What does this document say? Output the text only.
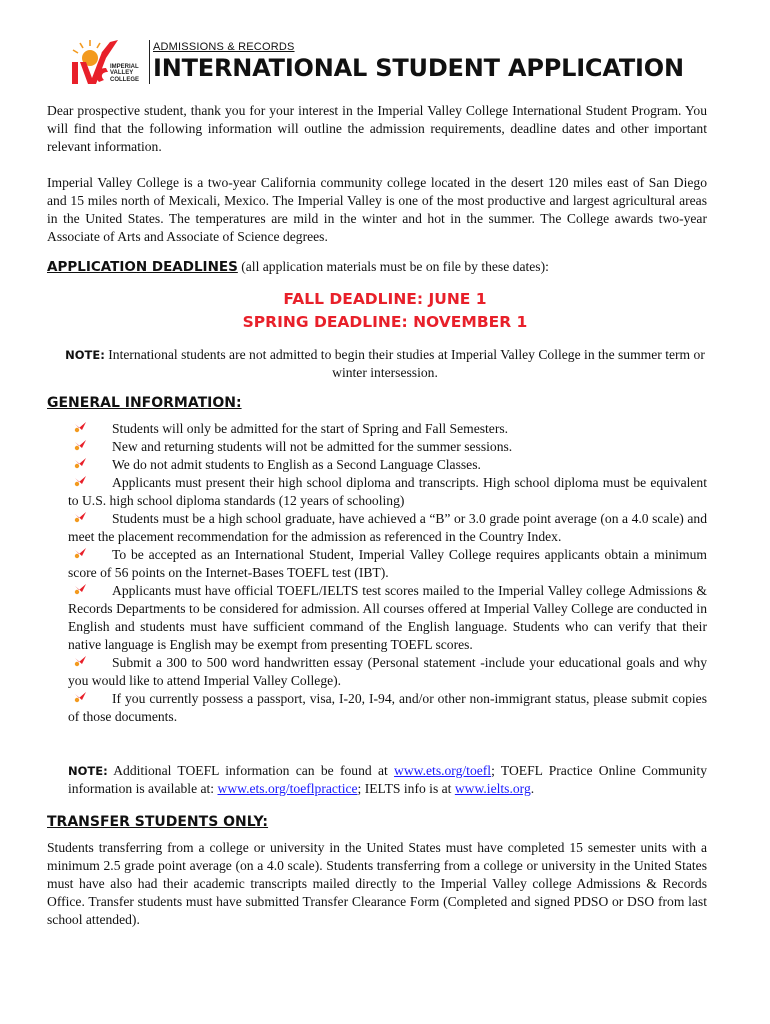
IMPERIAL
VALLEY
COLLEGE
ADMISSIONS & RECORDS
INTERNATIONAL STUDENT APPLICATION

Dear prospective student, thank you for your interest in the Imperial Valley College International Student Program. You will find that the following information will outline the admission requirements, deadline dates and other important relevant information.

Imperial Valley College is a two-year California community college located in the desert 120 miles east of San Diego and 15 miles north of Mexicali, Mexico. The Imperial Valley is one of the most productive and largest agricultural areas in the United States. The temperatures are mild in the winter and hot in the summer. The College awards two-year Associate of Arts and Associate of Science degrees.

APPLICATION DEADLINES (all application materials must be on file by these dates):

FALL DEADLINE: JUNE 1

SPRING DEADLINE: NOVEMBER 1

NOTE: International students are not admitted to begin their studies at Imperial Valley College in the summer term or winter intersession.

GENERAL INFORMATION:

Students will only be admitted for the start of Spring and Fall Semesters.
New and returning students will not be admitted for the summer sessions.
We do not admit students to English as a Second Language Classes.
Applicants must present their high school diploma and transcripts. High school diploma must be equivalent to U.S. high school diploma standards (12 years of schooling)
Students must be a high school graduate, have achieved a “B” or 3.0 grade point average (on a 4.0 scale) and meet the placement recommendation for the admission as referenced in the Country Index.
To be accepted as an International Student, Imperial Valley College requires applicants obtain a minimum score of 56 points on the Internet-Bases TOEFL test (IBT).
Applicants must have official TOEFL/IELTS test scores mailed to the Imperial Valley college Admissions & Records Departments to be considered for admission. All courses offered at Imperial Valley College are conducted in English and students must have sufficient command of the English language. Students who can verify that their native language is English may be exempt from presenting TOEFL scores.
Submit a 300 to 500 word handwritten essay (Personal statement -include your educational goals and why you would like to attend Imperial Valley College).
If you currently possess a passport, visa, I-20, I-94, and/or other non-immigrant status, please submit copies of those documents.

NOTE: Additional TOEFL information can be found at www.ets.org/toefl; TOEFL Practice Online Community information is available at: www.ets.org/toeflpractice; IELTS info is at www.ielts.org.

TRANSFER STUDENTS ONLY:

Students transferring from a college or university in the United States must have completed 15 semester units with a minimum 2.5 grade point average (on a 4.0 scale). Students transferring from a college or university in the United States must have also had their academic transcripts mailed directly to the Imperial Valley college Admissions & Records Office. Transfer students must have submitted Transfer Clearance Form (Completed and signed PDSO or DSO from last school attended).
